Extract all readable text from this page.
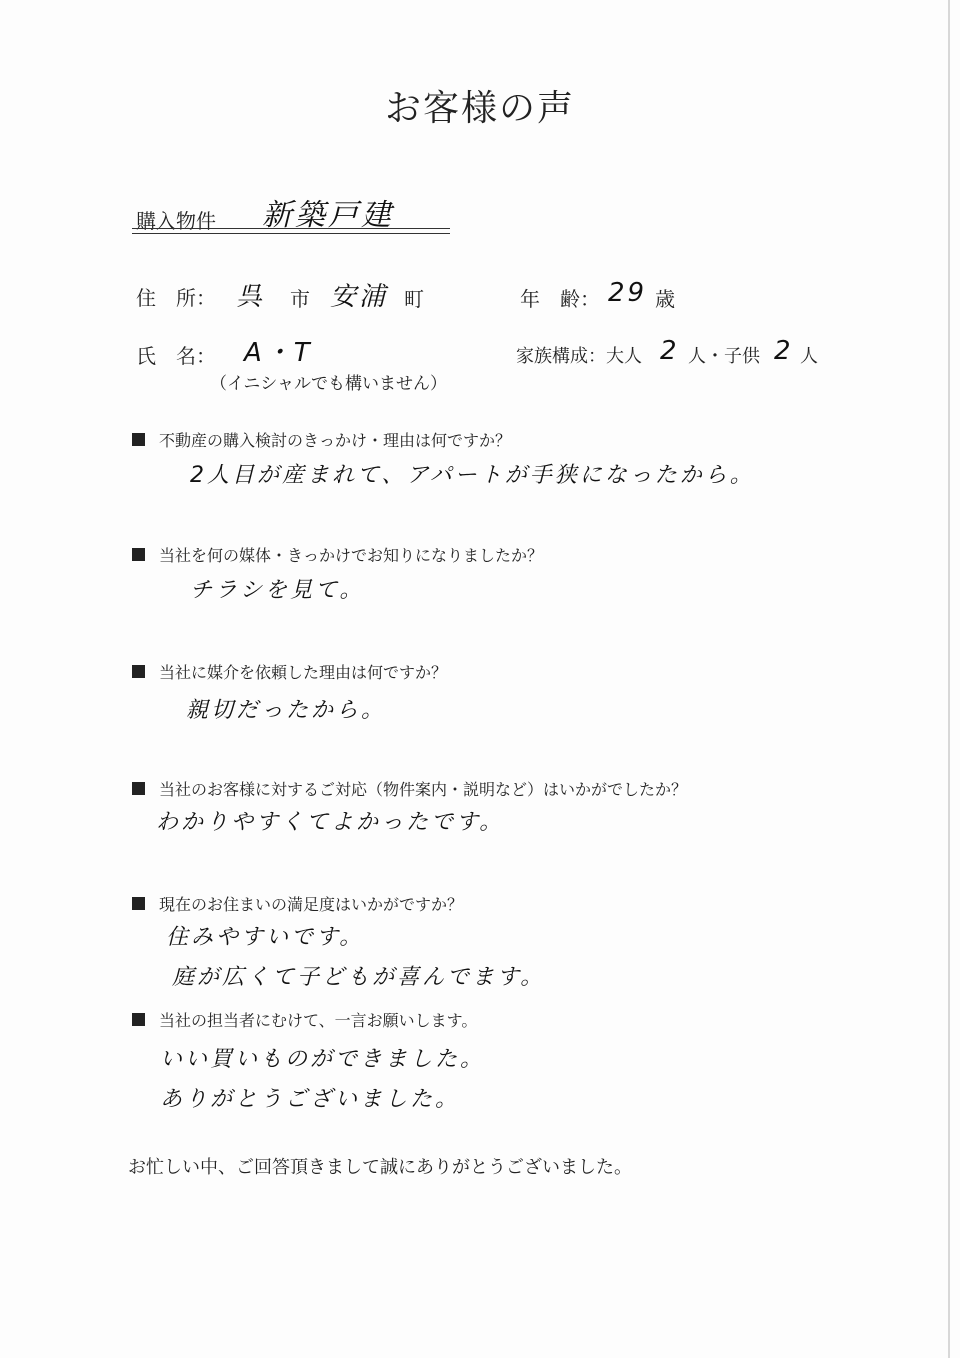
お客様の声
購入物件 新築戸建
住　所： 呉 市 安浦 町	年　齢： 29 歳
氏　名： A・T
（イニシャルでも構いません）
家族構成：大人 2 人・子供 2 人
不動産の購入検討のきっかけ・理由は何ですか？
2人目が産まれて、アパートが手狭になったから。
当社を何の媒体・きっかけでお知りになりましたか？
チラシを見て。
当社に媒介を依頼した理由は何ですか？
親切だったから。
当社のお客様に対するご対応（物件案内・説明など）はいかがでしたか？
わかりやすくてよかったです。
現在のお住まいの満足度はいかがですか？
住みやすいです。
庭が広くて子どもが喜んでます。
当社の担当者にむけて、一言お願いします。
いい買いものができました。
ありがとうございました。
お忙しい中、ご回答頂きまして誠にありがとうございました。
